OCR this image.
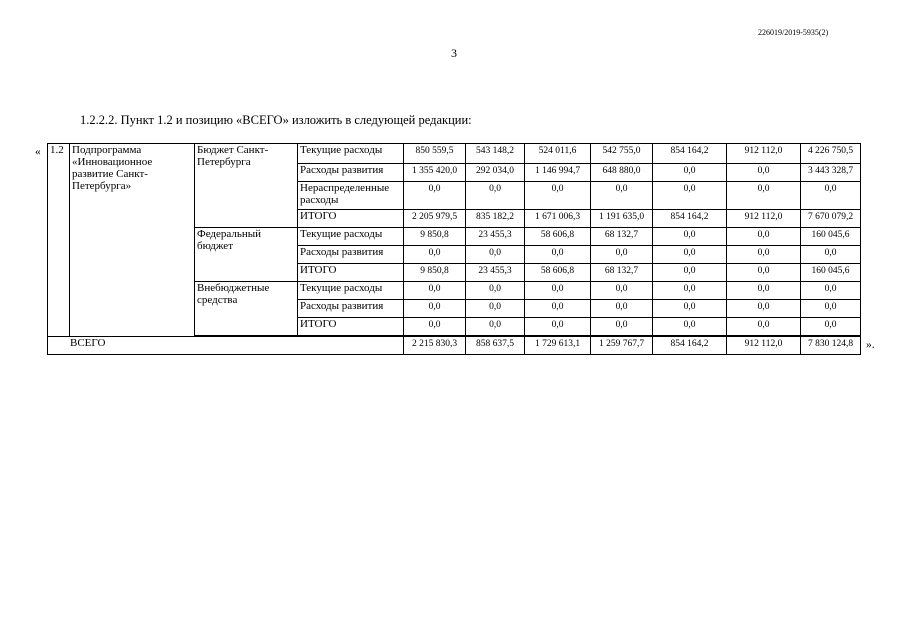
226019/2019-5935(2)
3
1.2.2.2. Пункт 1.2 и позицию «ВСЕГО» изложить в следующей редакции:
«
».
1.2	Подпрограмма «Инновационное развитие Санкт-Петербурга»	Бюджет Санкт-Петербурга	Текущие расходы	850 559,5	543 148,2	524 011,6	542 755,0	854 164,2	912 112,0	4 226 750,5
			Расходы развития	1 355 420,0	292 034,0	1 146 994,7	648 880,0	0,0	0,0	3 443 328,7
			Нераспределенные расходы	0,0	0,0	0,0	0,0	0,0	0,0	0,0
			ИТОГО	2 205 979,5	835 182,2	1 671 006,3	1 191 635,0	854 164,2	912 112,0	7 670 079,2
		Федеральный бюджет	Текущие расходы	9 850,8	23 455,3	58 606,8	68 132,7	0,0	0,0	160 045,6
			Расходы развития	0,0	0,0	0,0	0,0	0,0	0,0	0,0
			ИТОГО	9 850,8	23 455,3	58 606,8	68 132,7	0,0	0,0	160 045,6
		Внебюджетные средства	Текущие расходы	0,0	0,0	0,0	0,0	0,0	0,0	0,0
			Расходы развития	0,0	0,0	0,0	0,0	0,0	0,0	0,0
			ИТОГО	0,0	0,0	0,0	0,0	0,0	0,0	0,0

ВСЕГО				2 215 830,3	858 637,5	1 729 613,1	1 259 767,7	854 164,2	912 112,0	7 830 124,8
